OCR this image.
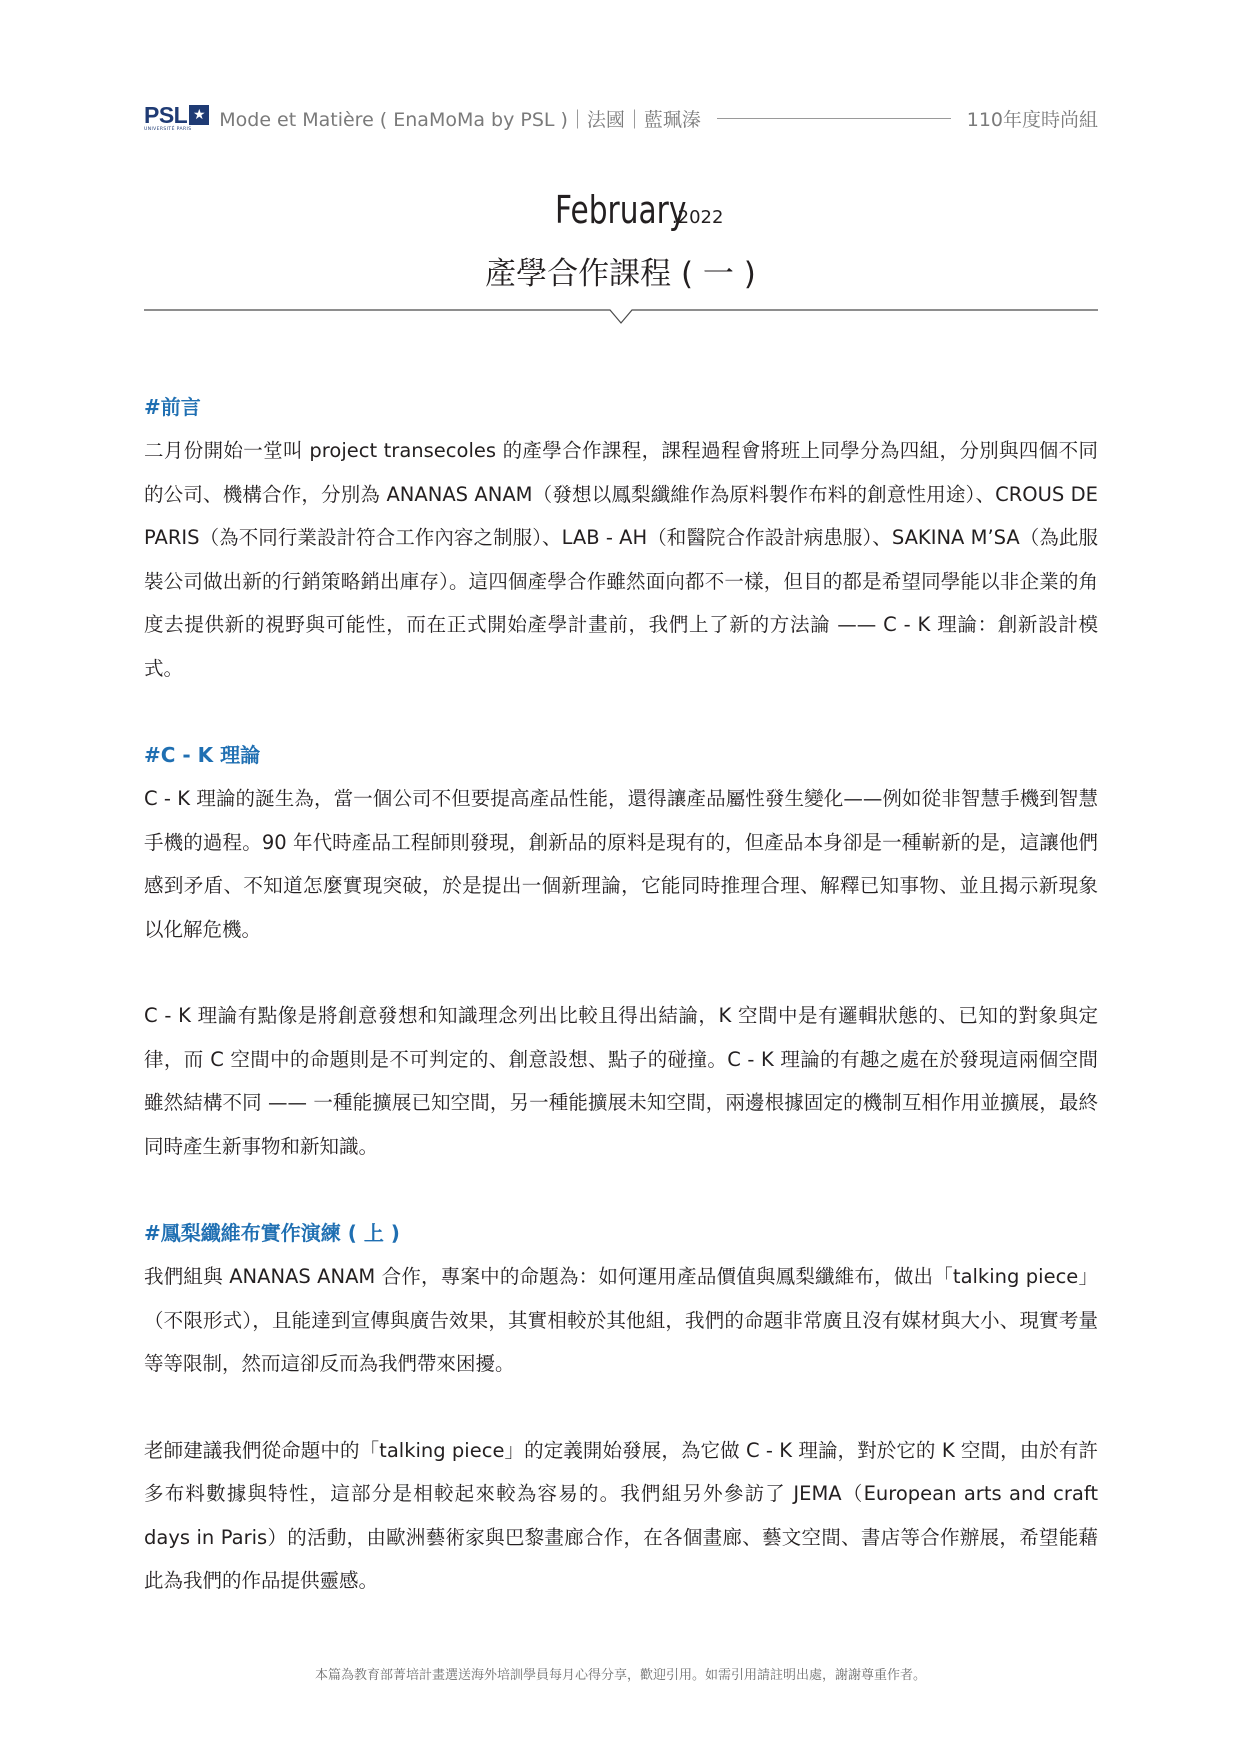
PSL ★
UNIVERSITÉ PARIS Mode et Matière ( EnaMoMa by PSL )｜法國｜藍珮溱	110年度時尚組
February.2022
產學合作課程 ( 一 )

#前言

二月份開始一堂叫 project transecoles 的產學合作課程，課程過程會將班上同學分為四組，分別與四個不同的公司、機構合作，分別為 ANANAS ANAM（發想以鳳梨纖維作為原料製作布料的創意性用途）、CROUS DE PARIS（為不同行業設計符合工作內容之制服）、LAB - AH（和醫院合作設計病患服）、SAKINA M’SA（為此服裝公司做出新的行銷策略銷出庫存）。這四個產學合作雖然面向都不一樣，但目的都是希望同學能以非企業的角度去提供新的視野與可能性，而在正式開始產學計畫前，我們上了新的方法論 —— C - K 理論：創新設計模式。

#C - K 理論

C - K 理論的誕生為，當一個公司不但要提高產品性能，還得讓產品屬性發生變化——例如從非智慧手機到智慧手機的過程。90 年代時產品工程師則發現，創新品的原料是現有的，但產品本身卻是一種嶄新的是，這讓他們感到矛盾、不知道怎麼實現突破，於是提出一個新理論，它能同時推理合理、解釋已知事物、並且揭示新現象以化解危機。

C - K 理論有點像是將創意發想和知識理念列出比較且得出結論，K 空間中是有邏輯狀態的、已知的對象與定律，而 C 空間中的命題則是不可判定的、創意設想、點子的碰撞。C - K 理論的有趣之處在於發現這兩個空間雖然結構不同 —— 一種能擴展已知空間，另一種能擴展未知空間，兩邊根據固定的機制互相作用並擴展，最終同時產生新事物和新知識。

#鳳梨纖維布實作演練 ( 上 )

我們組與 ANANAS ANAM 合作，專案中的命題為：如何運用產品價值與鳳梨纖維布，做出「talking piece」（不限形式），且能達到宣傳與廣告效果，其實相較於其他組，我們的命題非常廣且沒有媒材與大小、現實考量等等限制，然而這卻反而為我們帶來困擾。

老師建議我們從命題中的「talking piece」的定義開始發展，為它做 C - K 理論，對於它的 K 空間，由於有許多布料數據與特性，這部分是相較起來較為容易的。我們組另外參訪了 JEMA（European arts and craft days in Paris）的活動，由歐洲藝術家與巴黎畫廊合作，在各個畫廊、藝文空間、書店等合作辦展，希望能藉此為我們的作品提供靈感。

本篇為教育部菁培計畫選送海外培訓學員每月心得分享，歡迎引用。如需引用請註明出處，謝謝尊重作者。
